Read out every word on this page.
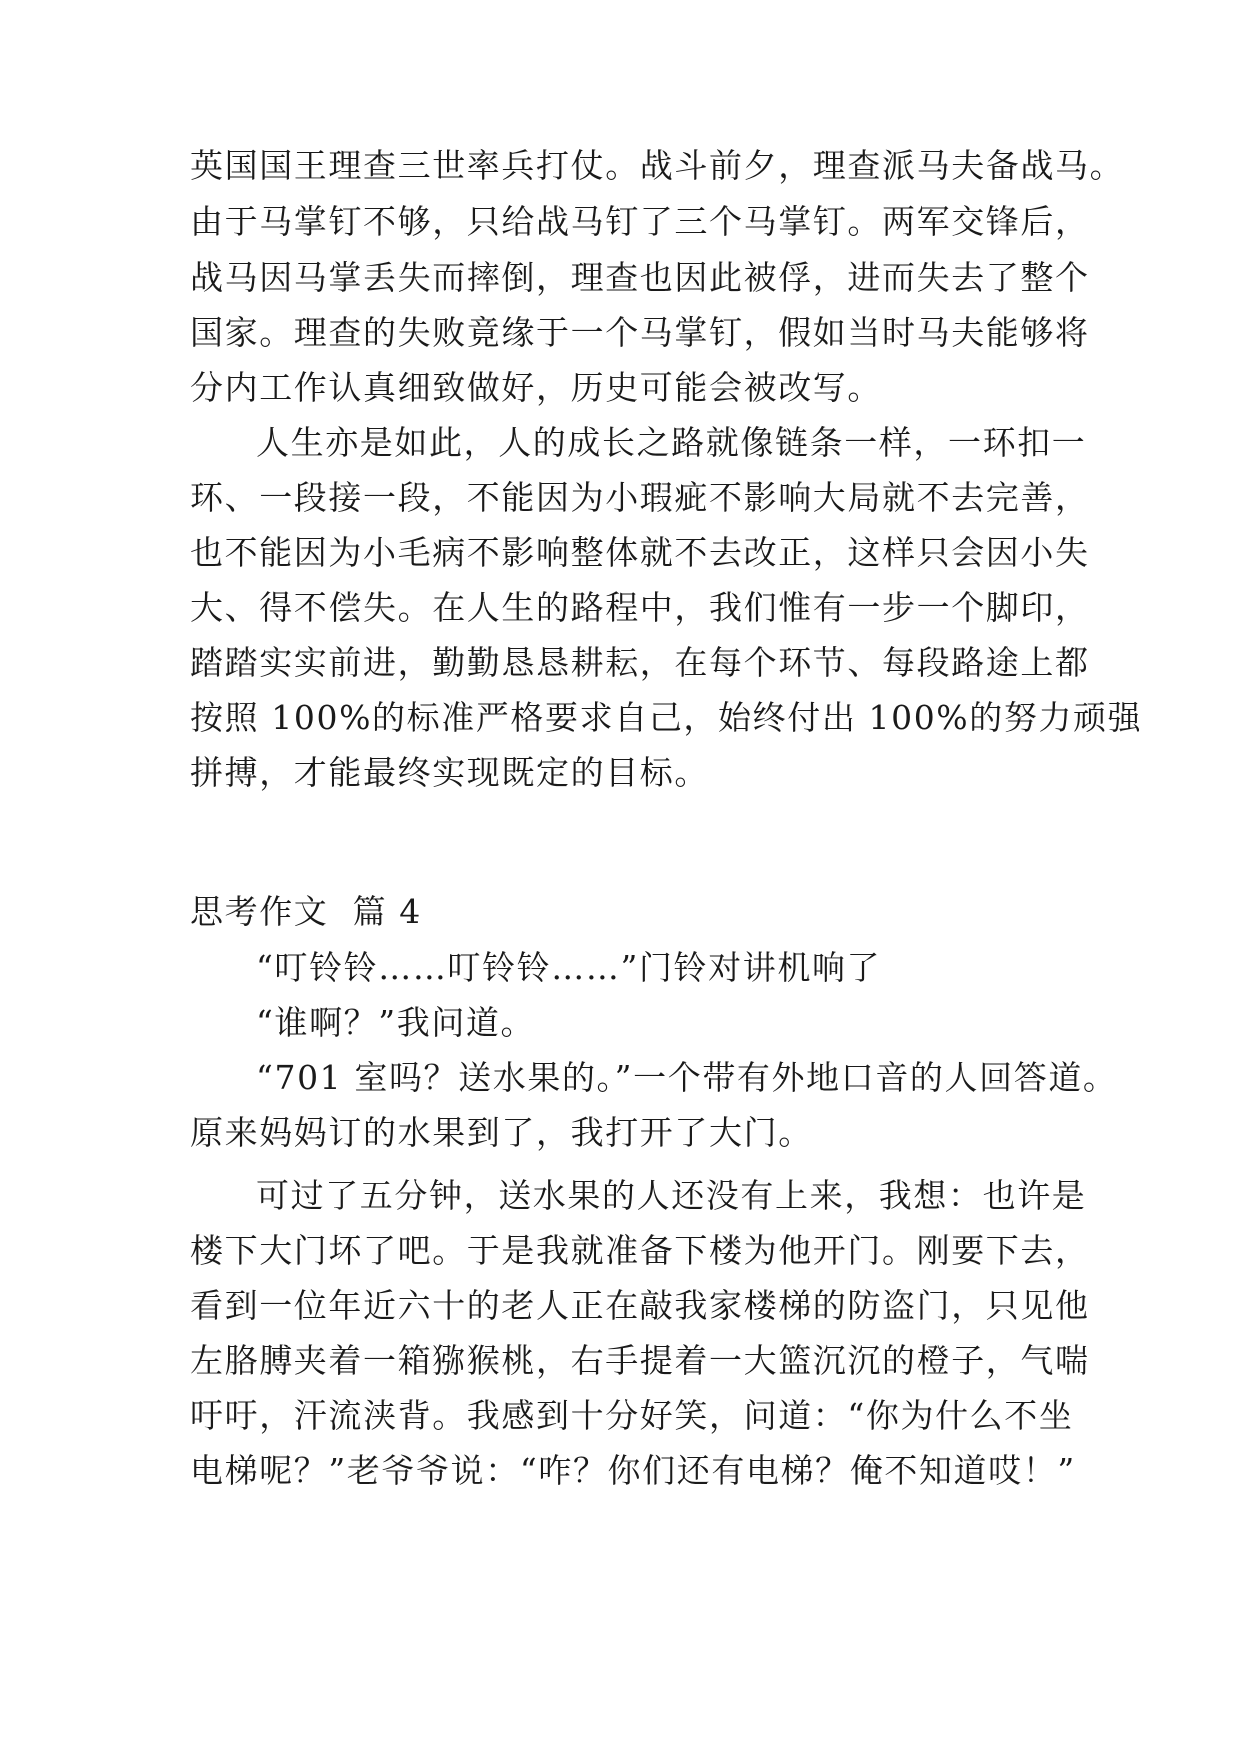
英国国王理查三世率兵打仗。战斗前夕，理查派马夫备战马。
由于马掌钉不够，只给战马钉了三个马掌钉。两军交锋后，
战马因马掌丢失而摔倒，理查也因此被俘，进而失去了整个
国家。理查的失败竟缘于一个马掌钉，假如当时马夫能够将
分内工作认真细致做好，历史可能会被改写。
人生亦是如此，人的成长之路就像链条一样，一环扣一
环、一段接一段，不能因为小瑕疵不影响大局就不去完善，
也不能因为小毛病不影响整体就不去改正，这样只会因小失
大、得不偿失。在人生的路程中，我们惟有一步一个脚印，
踏踏实实前进，勤勤恳恳耕耘，在每个环节、每段路途上都
按照 100%的标准严格要求自己，始终付出 100%的努力顽强
拼搏，才能最终实现既定的目标。
思考作文  篇 4
“叮铃铃……叮铃铃……”门铃对讲机响了
“谁啊？”我问道。
“701 室吗？送水果的。”一个带有外地口音的人回答道。
原来妈妈订的水果到了，我打开了大门。
可过了五分钟，送水果的人还没有上来，我想：也许是
楼下大门坏了吧。于是我就准备下楼为他开门。刚要下去，
看到一位年近六十的老人正在敲我家楼梯的防盗门，只见他
左胳膊夹着一箱猕猴桃，右手提着一大篮沉沉的橙子，气喘
吁吁，汗流浃背。我感到十分好笑，问道：“你为什么不坐
电梯呢？”老爷爷说：“咋？你们还有电梯？俺不知道哎！”
